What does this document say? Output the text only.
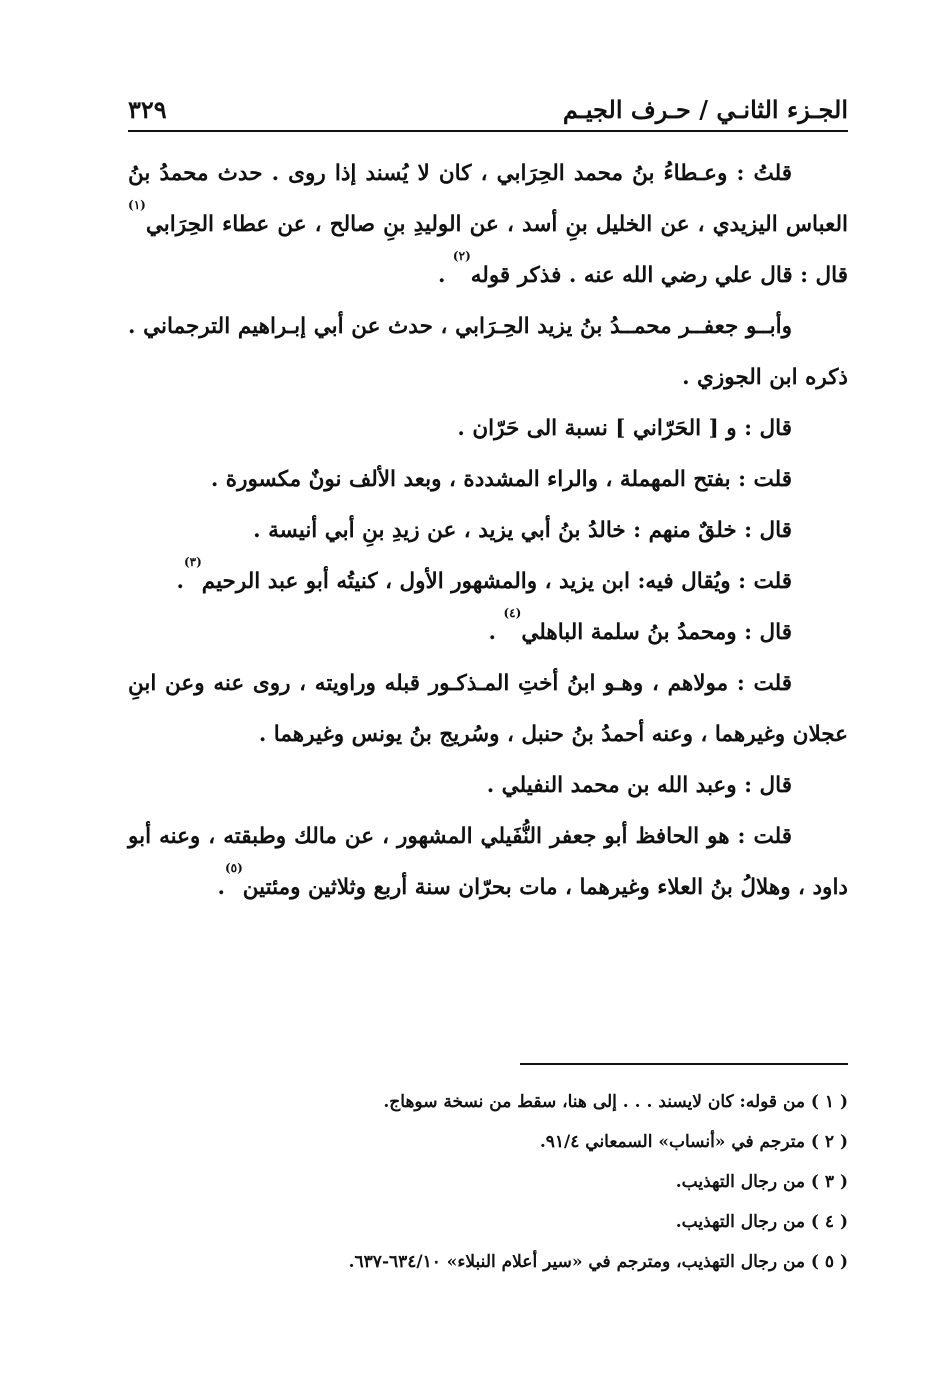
الجـزء الثانـي / حـرف الجيـم
٣٢٩

قلتُ : وعـطاءُ بنُ محمد الحِرَابي ، كان لا يُسند إذا روى . حدث محمدُ بنُ العباس اليزيدي ، عن الخليل بنِ أسد ، عن الوليدِ بنِ صالح ، عن عطاء الحِرَابي$^{(١)}$ قال : قال علي رضي الله عنه . فذكر قوله$^{(٢)}$ .

وأبــو جعفــر محمــدُ بنُ يزيد الحِـرَابي ، حدث عن أبي إبـراهيم الترجماني . ذكره ابن الجوزي .

قال : و [ الحَرّاني ] نسبة الى حَرّان .

قلت : بفتح المهملة ، والراء المشددة ، وبعد الألف نونٌ مكسورة .

قال : خلقٌ منهم : خالدُ بنُ أبي يزيد ، عن زيدِ بنِ أبي أنيسة .

قلت : ويُقال فيه: ابن يزيد ، والمشهور الأول ، كنيتُه أبو عبد الرحيم$^{(٣)}$.

قال : ومحمدُ بنُ سلمة الباهلي$^{(٤)}$ .

قلت : مولاهم ، وهـو ابنُ أختِ المـذكـور قبله وراويته ، روى عنه وعن ابنِ عجلان وغيرهما ، وعنه أحمدُ بنُ حنبل ، وسُريج بنُ يونس وغيرهما .

قال : وعبد الله بن محمد النفيلي .

قلت : هو الحافظ أبو جعفر النُّفَيلي المشهور ، عن مالك وطبقته ، وعنه أبو داود ، وهلالُ بنُ العلاء وغيرهما ، مات بحرّان سنة أربع وثلاثين ومئتين$^{(٥)}$.

( ١ ) من قوله: كان لايسند . . . إلى هنا، سقط من نسخة سوهاج.
( ٢ ) مترجم في «أنساب» السمعاني ٩١/٤.
( ٣ ) من رجال التهذيب.
( ٤ ) من رجال التهذيب.
( ٥ ) من رجال التهذيب، ومترجم في «سير أعلام النبلاء» ٦٣٤/١٠-٦٣٧.
